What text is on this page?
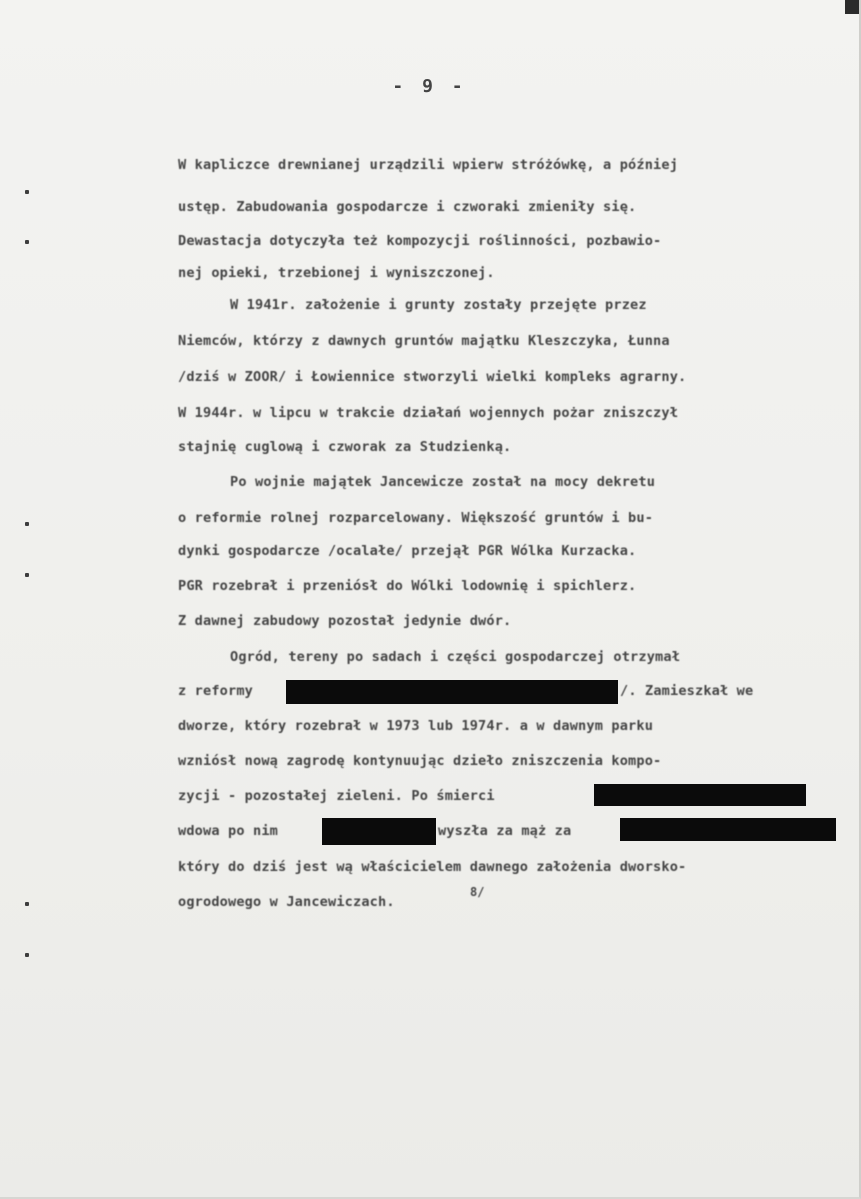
- 9 -
W kapliczce drewnianej urządzili wpierw stróżówkę, a później
ustęp. Zabudowania gospodarcze i czworaki zmieniły się.
Dewastacja dotyczyła też kompozycji roślinności, pozbawio-
nej opieki, trzebionej i wyniszczonej.
W 1941r. założenie i grunty zostały przejęte przez
Niemców, którzy z dawnych gruntów majątku Kleszczyka, Łunna
/dziś w ZOOR/ i Łowiennice stworzyli wielki kompleks agrarny.
W 1944r. w lipcu w trakcie działań wojennych pożar zniszczył
stajnię cuglową i czworak za Studzienką.
Po wojnie majątek Jancewicze został na mocy dekretu
o reformie rolnej rozparcelowany. Większość gruntów i bu-
dynki gospodarcze /ocalałe/ przejął PGR Wólka Kurzacka.
PGR rozebrał i przeniósł do Wólki lodownię i spichlerz.
Z dawnej zabudowy pozostał jedynie dwór.
Ogród, tereny po sadach i części gospodarczej otrzymał
z reformy	/. Zamieszkał we
dworze, który rozebrał w 1973 lub 1974r. a w dawnym parku
wzniósł nową zagrodę kontynuując dzieło zniszczenia kompo-
zycji - pozostałej zieleni. Po śmierci
wdowa po nim	wyszła za mąż za
który do dziś jest wą właścicielem dawnego założenia dworsko-
ogrodowego w Jancewiczach.
8/
